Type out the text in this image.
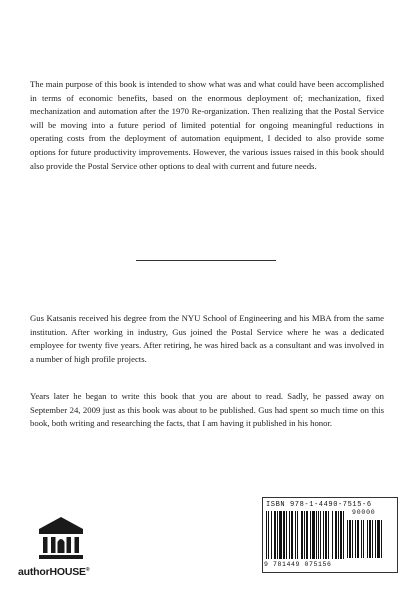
The main purpose of this book is intended to show what was and what could have been accomplished in terms of economic benefits, based on the enormous deployment of; mechanization, fixed mechanization and automation after the 1970 Re-organization. Then realizing that the Postal Service will be moving into a future period of limited potential for ongoing meaningful reductions in operating costs from the deployment of automation equipment, I decided to also provide some options for future productivity improvements. However, the various issues raised in this book should also provide the Postal Service other options to deal with current and future needs.

Gus Katsanis received his degree from the NYU School of Engineering and his MBA from the same institution. After working in industry, Gus joined the Postal Service where he was a dedicated employee for twenty five years. After retiring, he was hired back as a consultant and was involved in a number of high profile projects.

Years later he began to write this book that you are about to read. Sadly, he passed away on September 24, 2009 just as this book was about to be published. Gus had spent so much time on this book, both writing and researching the facts, that I am having it published in his honor.

authorHOUSE®
ISBN 978-1-4490-7515-6
90000
9 781449 075156
